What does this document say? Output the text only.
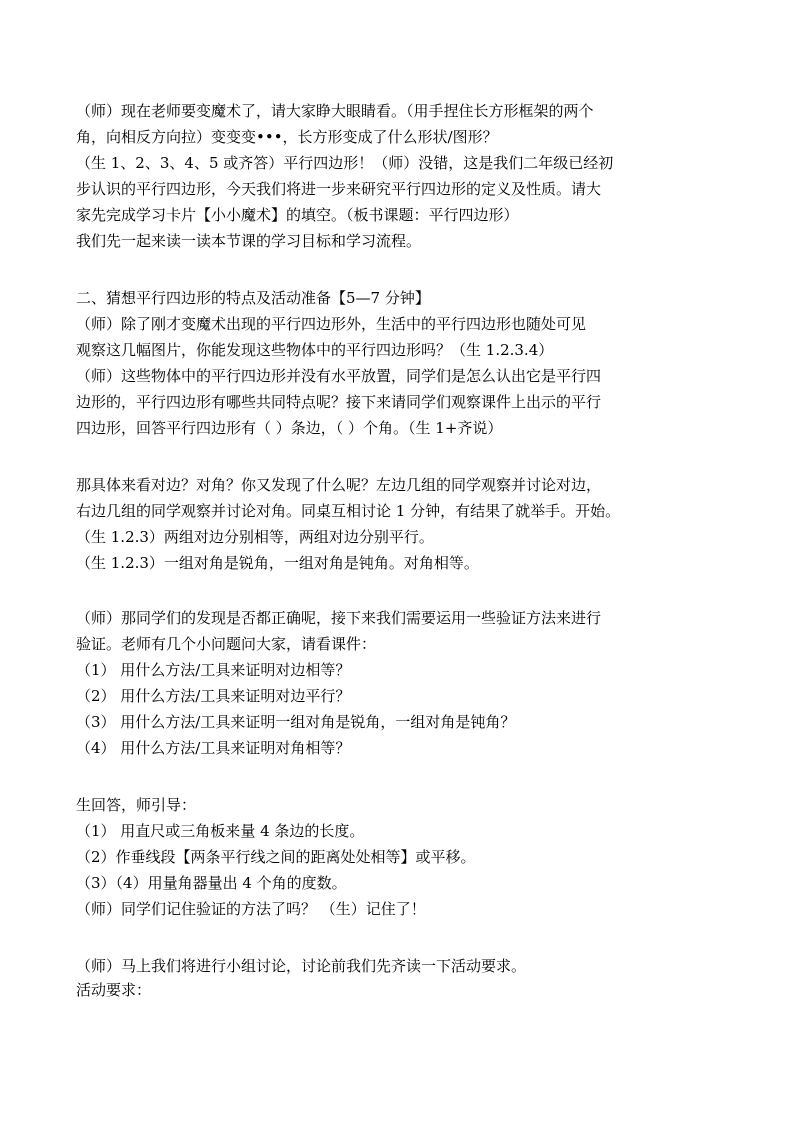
（师）现在老师要变魔术了，请大家睁大眼睛看。（用手捏住长方形框架的两个
角，向相反方向拉）变变变•••，长方形变成了什么形状/图形？
（生 1、2、3、4、5 或齐答）平行四边形！（师）没错，这是我们二年级已经初
步认识的平行四边形，今天我们将进一步来研究平行四边形的定义及性质。请大
家先完成学习卡片【小小魔术】的填空。（板书课题：平行四边形）
我们先一起来读一读本节课的学习目标和学习流程。
二、猜想平行四边形的特点及活动准备【5—7 分钟】
（师）除了刚才变魔术出现的平行四边形外，生活中的平行四边形也随处可见
观察这几幅图片，你能发现这些物体中的平行四边形吗？（生 1.2.3.4）
（师）这些物体中的平行四边形并没有水平放置，同学们是怎么认出它是平行四
边形的，平行四边形有哪些共同特点呢？接下来请同学们观察课件上出示的平行
四边形，回答平行四边形有（ ）条边，（ ）个角。（生 1+齐说）
那具体来看对边？对角？你又发现了什么呢？左边几组的同学观察并讨论对边，
右边几组的同学观察并讨论对角。同桌互相讨论 1 分钟，有结果了就举手。开始。
（生 1.2.3）两组对边分别相等，两组对边分别平行。
（生 1.2.3）一组对角是锐角，一组对角是钝角。对角相等。
（师）那同学们的发现是否都正确呢，接下来我们需要运用一些验证方法来进行
验证。老师有几个小问题问大家，请看课件：
（1） 用什么方法/工具来证明对边相等？
（2） 用什么方法/工具来证明对边平行？
（3） 用什么方法/工具来证明一组对角是锐角，一组对角是钝角？
（4） 用什么方法/工具来证明对角相等？
生回答，师引导：
（1） 用直尺或三角板来量 4 条边的长度。
（2）作垂线段【两条平行线之间的距离处处相等】或平移。
（3）（4）用量角器量出 4 个角的度数。
（师）同学们记住验证的方法了吗？ （生）记住了！
（师）马上我们将进行小组讨论，讨论前我们先齐读一下活动要求。
活动要求：
